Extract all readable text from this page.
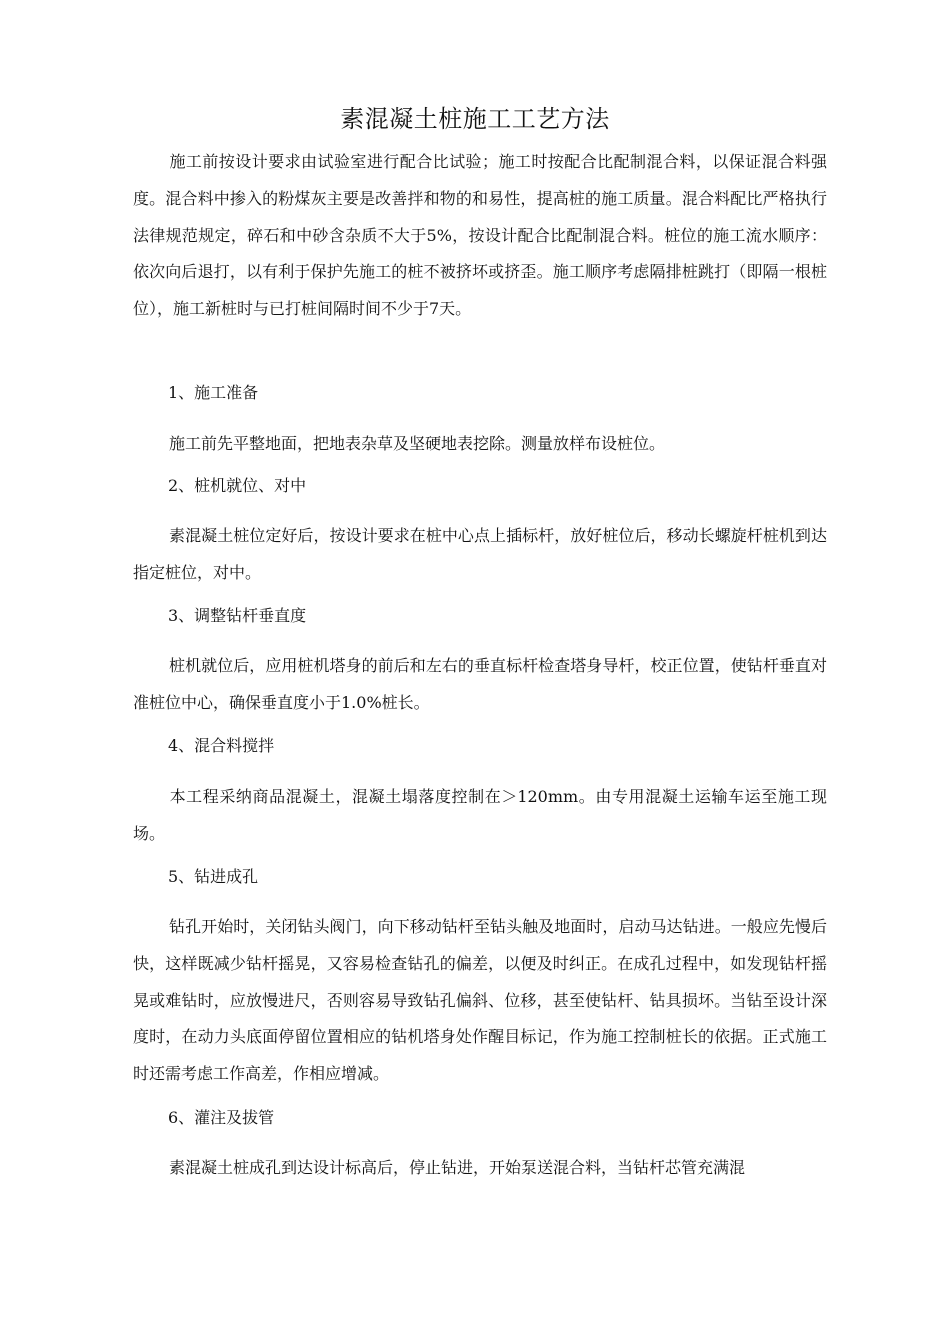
素混凝土桩施工工艺方法

施工前按设计要求由试验室进行配合比试验；施工时按配合比配制混合料，以保证混合料强度。混合料中掺入的粉煤灰主要是改善拌和物的和易性，提高桩的施工质量。混合料配比严格执行法律规范规定，碎石和中砂含杂质不大于5%，按设计配合比配制混合料。桩位的施工流水顺序：依次向后退打，以有利于保护先施工的桩不被挤坏或挤歪。施工顺序考虑隔排桩跳打（即隔一根桩位），施工新桩时与已打桩间隔时间不少于7天。

1、施工准备

施工前先平整地面，把地表杂草及坚硬地表挖除。测量放样布设桩位。

2、桩机就位、对中

素混凝土桩位定好后，按设计要求在桩中心点上插标杆，放好桩位后，移动长螺旋杆桩机到达指定桩位，对中。

3、调整钻杆垂直度

桩机就位后，应用桩机塔身的前后和左右的垂直标杆检查塔身导杆，校正位置，使钻杆垂直对准桩位中心，确保垂直度小于1.0%桩长。

4、混合料搅拌

本工程采纳商品混凝土，混凝土塌落度控制在＞120mm。由专用混凝土运输车运至施工现场。

5、钻进成孔

钻孔开始时，关闭钻头阀门，向下移动钻杆至钻头触及地面时，启动马达钻进。一般应先慢后快，这样既减少钻杆摇晃，又容易检查钻孔的偏差，以便及时纠正。在成孔过程中，如发现钻杆摇晃或难钻时，应放慢进尺，否则容易导致钻孔偏斜、位移，甚至使钻杆、钻具损坏。当钻至设计深度时，在动力头底面停留位置相应的钻机塔身处作醒目标记，作为施工控制桩长的依据。正式施工时还需考虑工作高差，作相应增减。

6、灌注及拔管

素混凝土桩成孔到达设计标高后，停止钻进，开始泵送混合料，当钻杆芯管充满混
